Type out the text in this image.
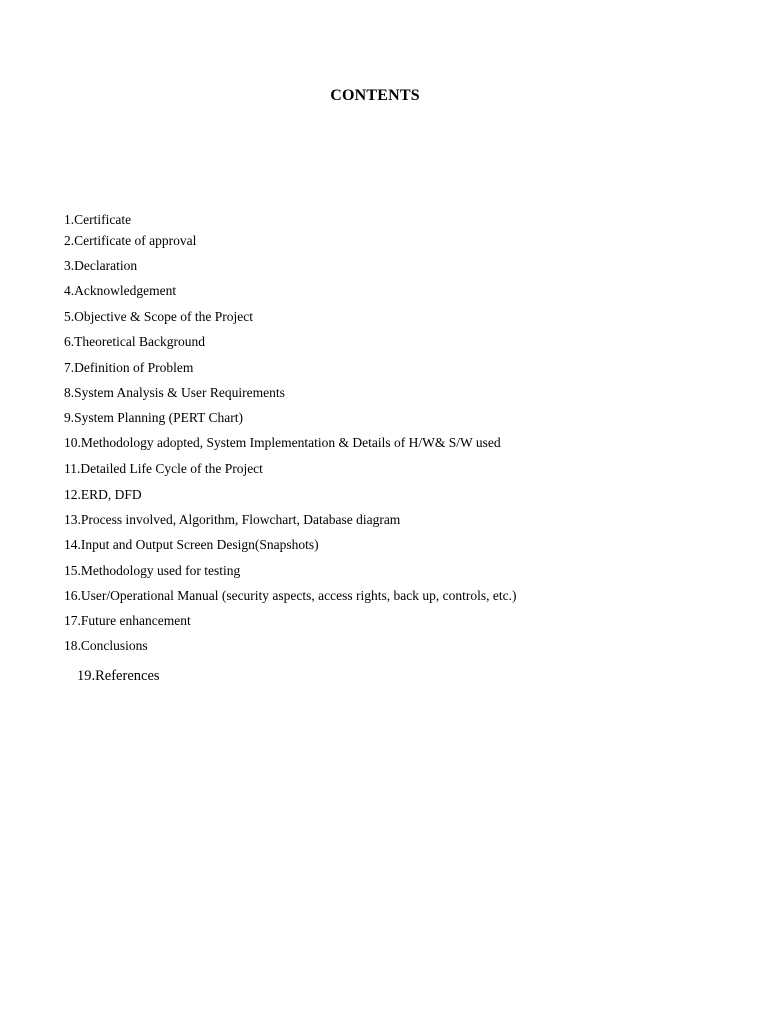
CONTENTS
1.Certificate
2.Certificate of approval
3.Declaration
4.Acknowledgement
5.Objective & Scope of the Project
6.Theoretical Background
7.Definition of Problem
8.System Analysis & User Requirements
9.System Planning (PERT Chart)
10.Methodology adopted, System Implementation & Details of H/W& S/W used
11.Detailed Life Cycle of the Project
12.ERD, DFD
13.Process involved, Algorithm, Flowchart, Database diagram
14.Input and Output Screen Design(Snapshots)
15.Methodology used for testing
16.User/Operational Manual (security aspects, access rights, back up, controls, etc.)
17.Future enhancement
18.Conclusions
19.References
